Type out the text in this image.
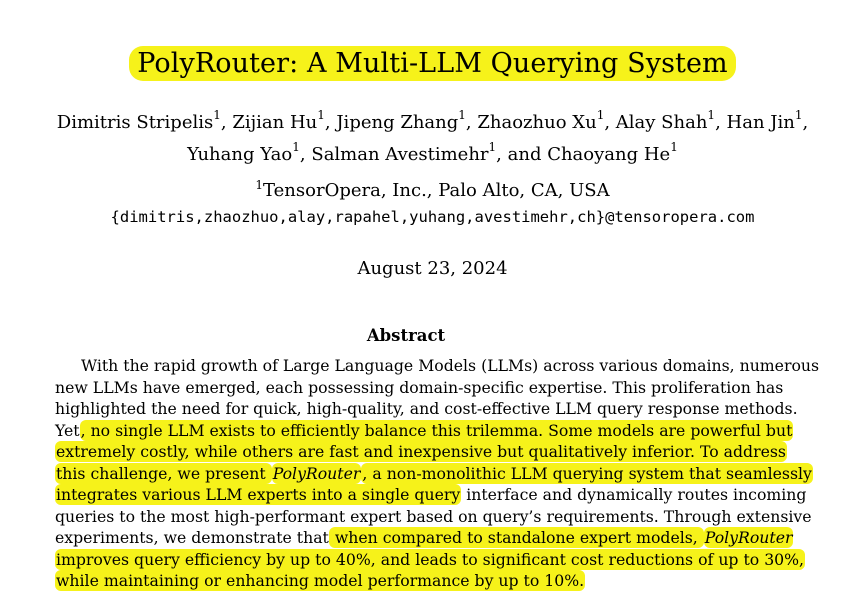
PolyRouter: A Multi-LLM Querying System
Dimitris Stripelis$^1$, Zijian Hu$^1$, Jipeng Zhang$^1$, Zhaozhuo Xu$^1$, Alay Shah$^1$, Han Jin$^1$,
Yuhang Yao$^1$, Salman Avestimehr$^1$, and Chaoyang He$^1$
$^1$TensorOpera, Inc., Palo Alto, CA, USA
{dimitris,zhaozhuo,alay,rapahel,yuhang,avestimehr,ch}@tensoropera.com
August 23, 2024
Abstract
With the rapid growth of Large Language Models (LLMs) across various domains, numerous
new LLMs have emerged, each possessing domain-specific expertise. This proliferation has
highlighted the need for quick, high-quality, and cost-effective LLM query response methods.
Yet, no single LLM exists to efficiently balance this trilemma. Some models are powerful but
extremely costly, while others are fast and inexpensive but qualitatively inferior. To address
this challenge, we present PolyRouter , a non-monolithic LLM querying system that seamlessly
integrates various LLM experts into a single query interface and dynamically routes incoming
queries to the most high-performant expert based on query’s requirements. Through extensive
experiments, we demonstrate that when compared to standalone expert models, PolyRouter
improves query efficiency by up to 40%, and leads to significant cost reductions of up to 30%,
while maintaining or enhancing model performance by up to 10%.
